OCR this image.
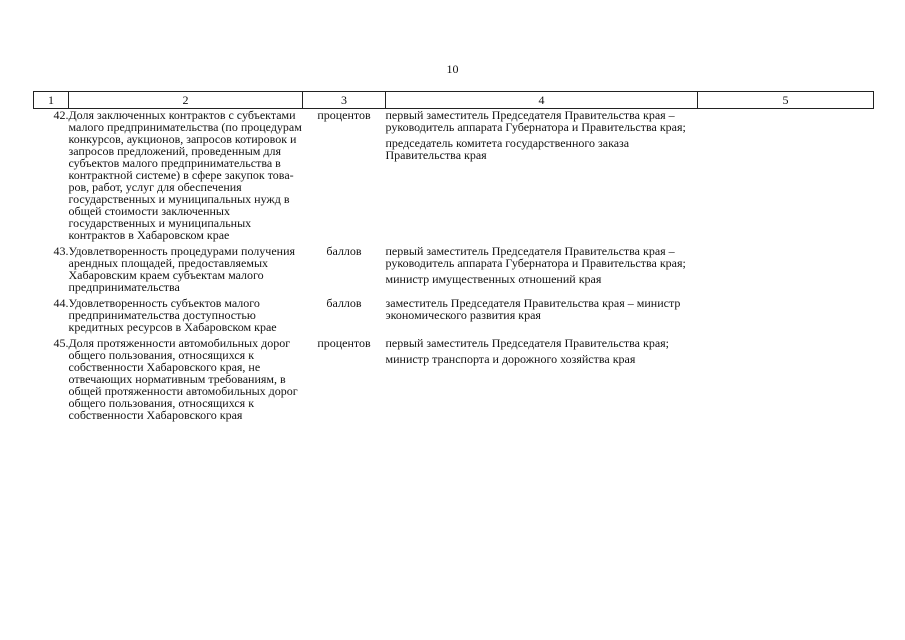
10
1	2	3	4	5
42.	Доля заключенных контрактов с субъектами малого предпринимательства (по процедурам конкурсов, аукционов, запросов котировок и запросов предложений, проведенным для субъектов малого предпринимательства в контрактной системе) в сфере закупок товаров, работ, услуг для обеспечения государственных и муниципальных нужд в общей стоимости заключенных государственных и муниципальных контрактов в Хабаровском крае	процентов	первый заместитель Председателя Правительства края – руководитель аппарата Губернатора и Правительства края;

председатель комитета государственного заказа Правительства края	

43.	Удовлетворенность процедурами получения арендных площадей, предоставляемых Хабаровским краем субъектам малого предпринимательства	баллов	первый заместитель Председателя Правительства края – руководитель аппарата Губернатора и Правительства края;

министр имущественных отношений края	

44.	Удовлетворенность субъектов малого предпринимательства доступностью кредитных ресурсов в Хабаровском крае	баллов	заместитель Председателя Правительства края – министр экономического развития края	

45.	Доля протяженности автомобильных дорог общего пользования, относящихся к собственности Хабаровского края, не отвечающих нормативным требованиям, в общей протяженности автомобильных дорог общего пользования, относящихся к собственности Хабаровского края	процентов	первый заместитель Председателя Правительства края;

министр транспорта и дорожного хозяйства края	
